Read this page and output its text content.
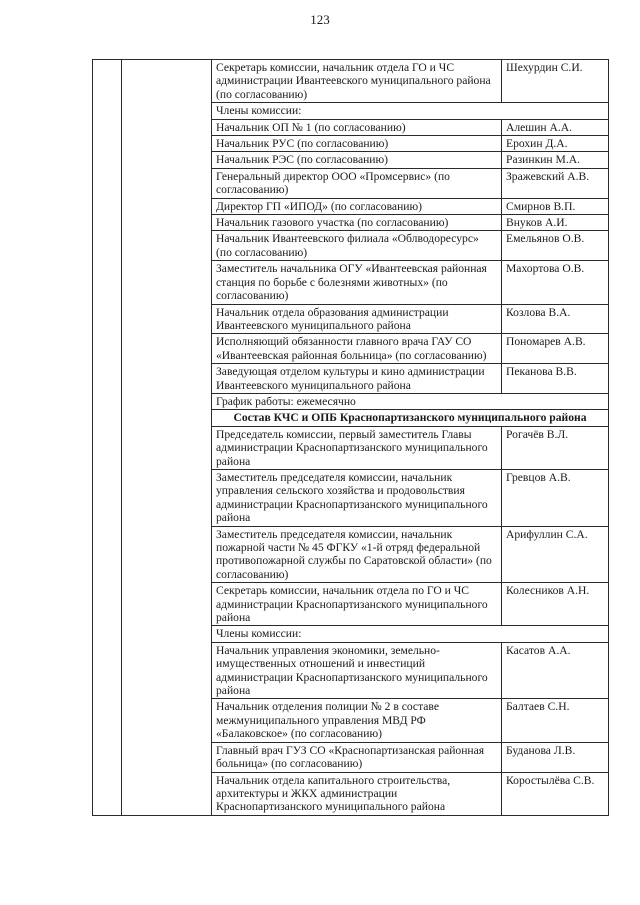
123
		Секретарь комиссии, начальник отдела ГО и ЧС администрации Ивантеевского муниципального района (по согласованию)	Шехурдин С.И.
		Члены комиссии:	
		Начальник ОП № 1 (по согласованию)	Алешин А.А.
		Начальник РУС (по согласованию)	Ерохин Д.А.
		Начальник РЭС (по согласованию)	Разинкин М.А.
		Генеральный директор ООО «Промсервис» (по согласованию)	Зражевский А.В.
		Директор ГП «ИПОД» (по согласованию)	Смирнов В.П.
		Начальник газового участка (по согласованию)	Внуков А.И.
		Начальник Ивантеевского филиала «Облводоресурс» (по согласованию)	Емельянов О.В.
		Заместитель начальника ОГУ «Ивантеевская районная станция по борьбе с болезнями животных» (по согласованию)	Махортова О.В.
		Начальник отдела образования администрации Ивантеевского муниципального района	Козлова В.А.
		Исполняющий обязанности главного врача ГАУ СО «Ивантеевская районная больница» (по согласованию)	Пономарев А.В.
		Заведующая отделом культуры и кино администрации Ивантеевского муниципального района	Пеканова В.В.
		График работы: ежемесячно	
		Состав КЧС и ОПБ Краснопартизанского муниципального района	
		Председатель комиссии, первый заместитель Главы администрации Краснопартизанского муниципального района	Рогачёв В.Л.
		Заместитель председателя комиссии, начальник управления сельского хозяйства и продовольствия администрации Краснопартизанского муниципального района	Гревцов А.В.
		Заместитель председателя комиссии, начальник пожарной части № 45 ФГКУ «1-й отряд федеральной противопожарной службы по Саратовской области» (по согласованию)	Арифуллин С.А.
		Секретарь комиссии, начальник отдела по ГО и ЧС администрации Краснопартизанского муниципального района	Колесников А.Н.
		Члены комиссии:	
		Начальник управления экономики, земельно-имущественных отношений и инвестиций администрации Краснопартизанского муниципального района	Касатов А.А.
		Начальник отделения полиции № 2 в составе межмуниципального управления МВД РФ «Балаковское» (по согласованию)	Балтаев С.Н.
		Главный врач ГУЗ СО «Краснопартизанская районная больница» (по согласованию)	Буданова Л.В.
		Начальник отдела капитального строительства, архитектуры и ЖКХ администрации Краснопартизанского муниципального района	Коростылёва С.В.
